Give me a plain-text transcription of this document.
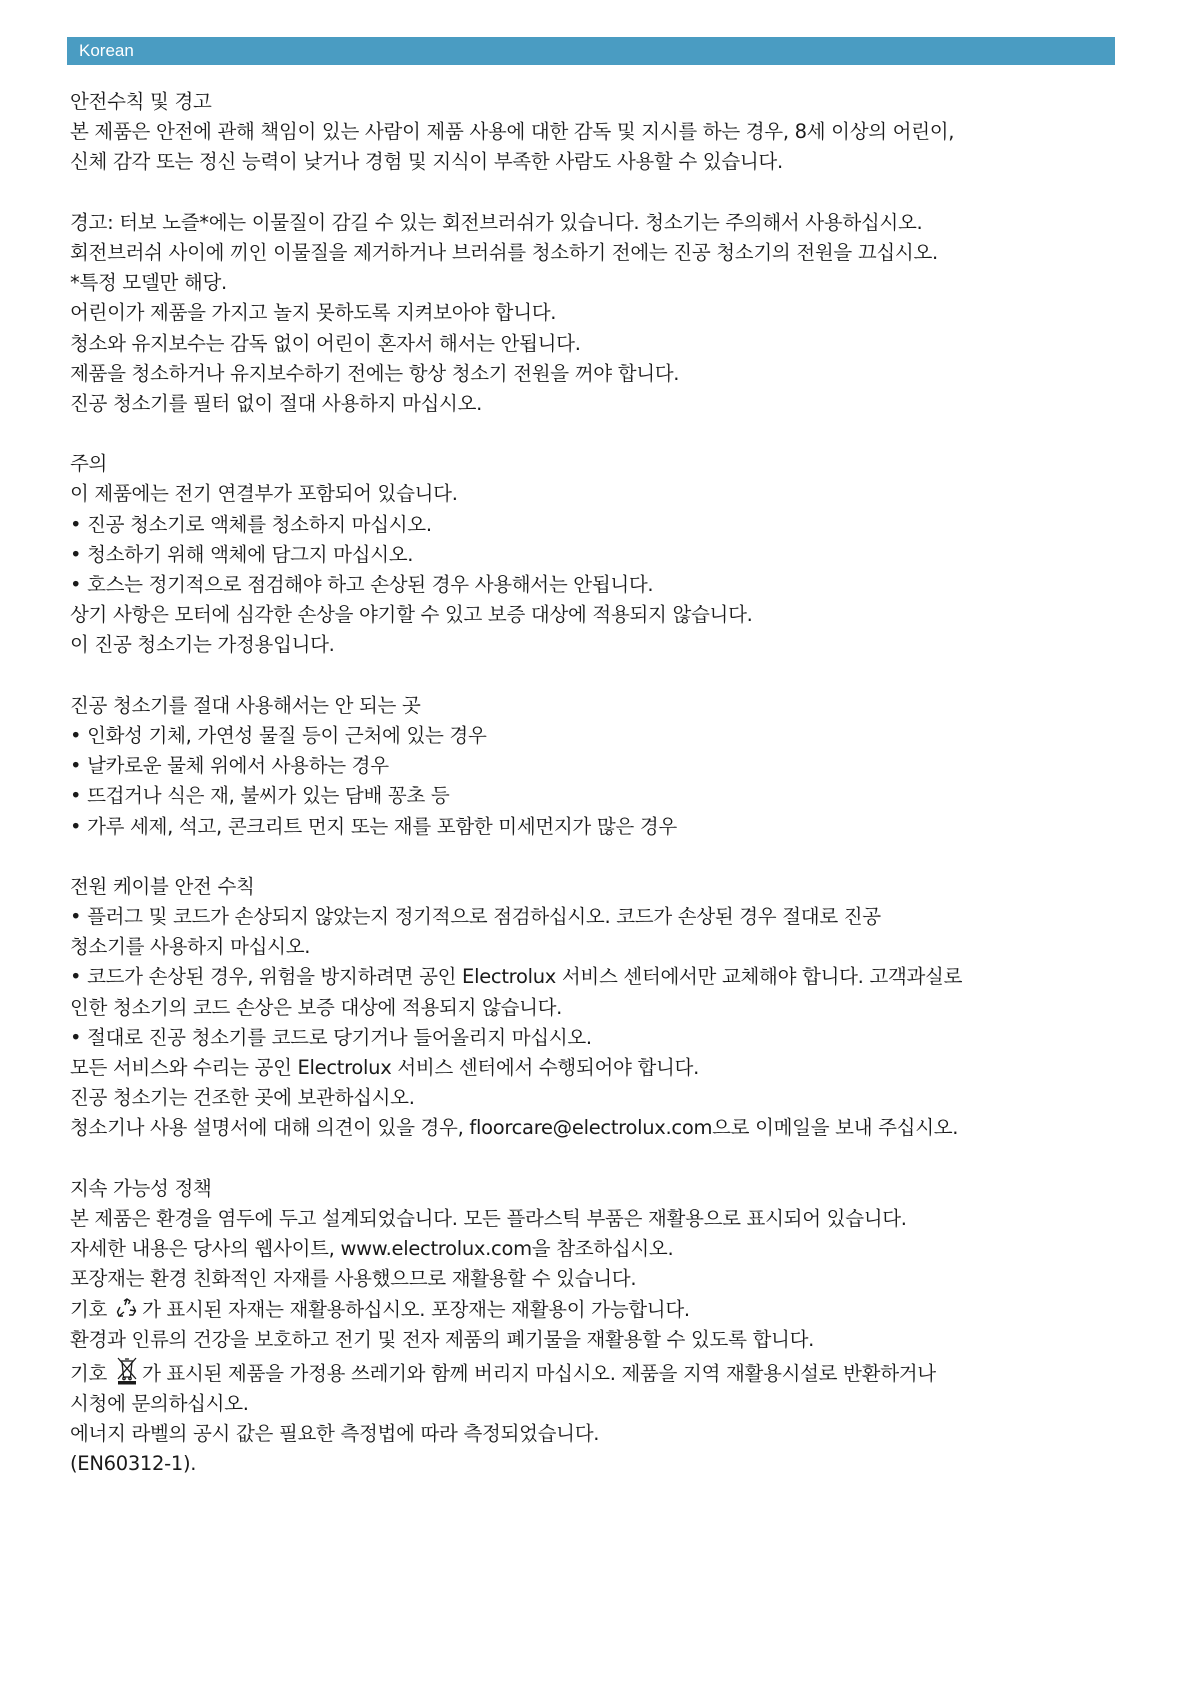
Korean
안전수칙 및 경고
본 제품은 안전에 관해 책임이 있는 사람이 제품 사용에 대한 감독 및 지시를 하는 경우, 8세 이상의 어린이,
신체 감각 또는 정신 능력이 낮거나 경험 및 지식이 부족한 사람도 사용할 수 있습니다.
경고: 터보 노즐*에는 이물질이 감길 수 있는 회전브러쉬가 있습니다. 청소기는 주의해서 사용하십시오.
회전브러쉬 사이에 끼인 이물질을 제거하거나 브러쉬를 청소하기 전에는 진공 청소기의 전원을 끄십시오.
*특정 모델만 해당.
어린이가 제품을 가지고 놀지 못하도록 지켜보아야 합니다.
청소와 유지보수는 감독 없이 어린이 혼자서 해서는 안됩니다.
제품을 청소하거나 유지보수하기 전에는 항상 청소기 전원을 꺼야 합니다.
진공 청소기를 필터 없이 절대 사용하지 마십시오.
주의
이 제품에는 전기 연결부가 포함되어 있습니다.
• 진공 청소기로 액체를 청소하지 마십시오.
• 청소하기 위해 액체에 담그지 마십시오.
• 호스는 정기적으로 점검해야 하고 손상된 경우 사용해서는 안됩니다.
상기 사항은 모터에 심각한 손상을 야기할 수 있고 보증 대상에 적용되지 않습니다.
이 진공 청소기는 가정용입니다.
진공 청소기를 절대 사용해서는 안 되는 곳
• 인화성 기체, 가연성 물질 등이 근처에 있는 경우
• 날카로운 물체 위에서 사용하는 경우
• 뜨겁거나 식은 재, 불씨가 있는 담배 꽁초 등
• 가루 세제, 석고, 콘크리트 먼지 또는 재를 포함한 미세먼지가 많은 경우
전원 케이블 안전 수칙
• 플러그 및 코드가 손상되지 않았는지 정기적으로 점검하십시오. 코드가 손상된 경우 절대로 진공
청소기를 사용하지 마십시오.
• 코드가 손상된 경우, 위험을 방지하려면 공인 Electrolux 서비스 센터에서만 교체해야 합니다. 고객과실로
인한 청소기의 코드 손상은 보증 대상에 적용되지 않습니다.
• 절대로 진공 청소기를 코드로 당기거나 들어올리지 마십시오.
모든 서비스와 수리는 공인 Electrolux 서비스 센터에서 수행되어야 합니다.
진공 청소기는 건조한 곳에 보관하십시오.
청소기나 사용 설명서에 대해 의견이 있을 경우, floorcare@electrolux.com으로 이메일을 보내 주십시오.
지속 가능성 정책
본 제품은 환경을 염두에 두고 설계되었습니다. 모든 플라스틱 부품은 재활용으로 표시되어 있습니다.
자세한 내용은 당사의 웹사이트, www.electrolux.com을 참조하십시오.
포장재는 환경 친화적인 자재를 사용했으므로 재활용할 수 있습니다.
기호 가 표시된 자재는 재활용하십시오. 포장재는 재활용이 가능합니다.
환경과 인류의 건강을 보호하고 전기 및 전자 제품의 폐기물을 재활용할 수 있도록 합니다.
기호 가 표시된 제품을 가정용 쓰레기와 함께 버리지 마십시오. 제품을 지역 재활용시설로 반환하거나
시청에 문의하십시오.
에너지 라벨의 공시 값은 필요한 측정법에 따라 측정되었습니다.
(EN60312-1).
